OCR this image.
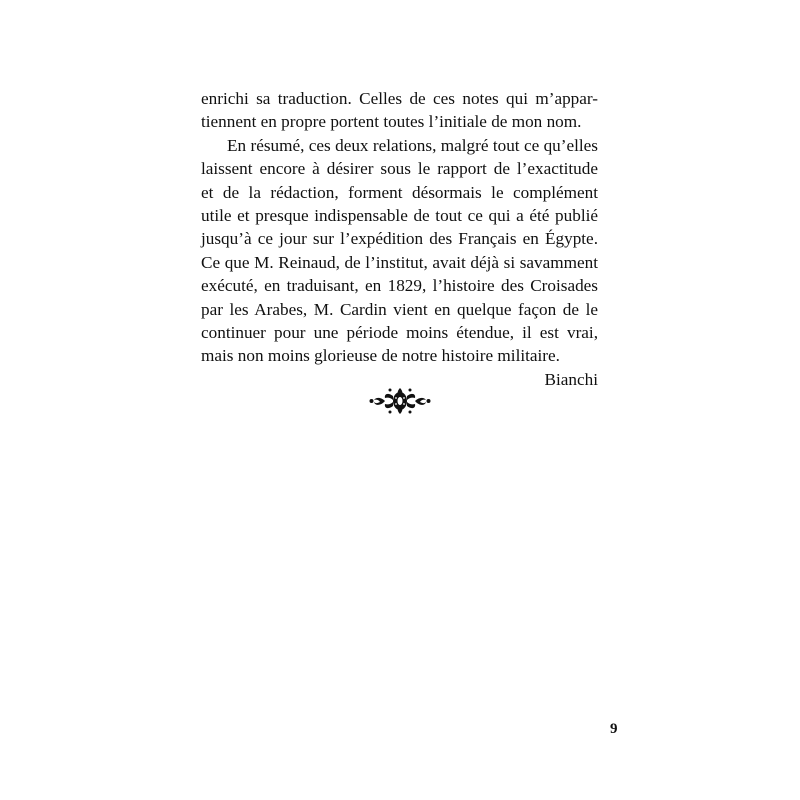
enrichi sa traduction. Celles de ces notes qui m’appar-
tiennent en propre portent toutes l’initiale de mon nom.
En résumé, ces deux relations, malgré tout ce qu’elles
laissent encore à désirer sous le rapport de l’exactitude
et de la rédaction, forment désormais le complément
utile et presque indispensable de tout ce qui a été publié
jusqu’à ce jour sur l’expédition des Français en Égypte.
Ce que M. Reinaud, de l’institut, avait déjà si savamment
exécuté, en traduisant, en 1829, l’histoire des Croisades
par les Arabes, M. Cardin vient en quelque façon de le
continuer pour une période moins étendue, il est vrai,
mais non moins glorieuse de notre histoire militaire.
Bianchi
9
